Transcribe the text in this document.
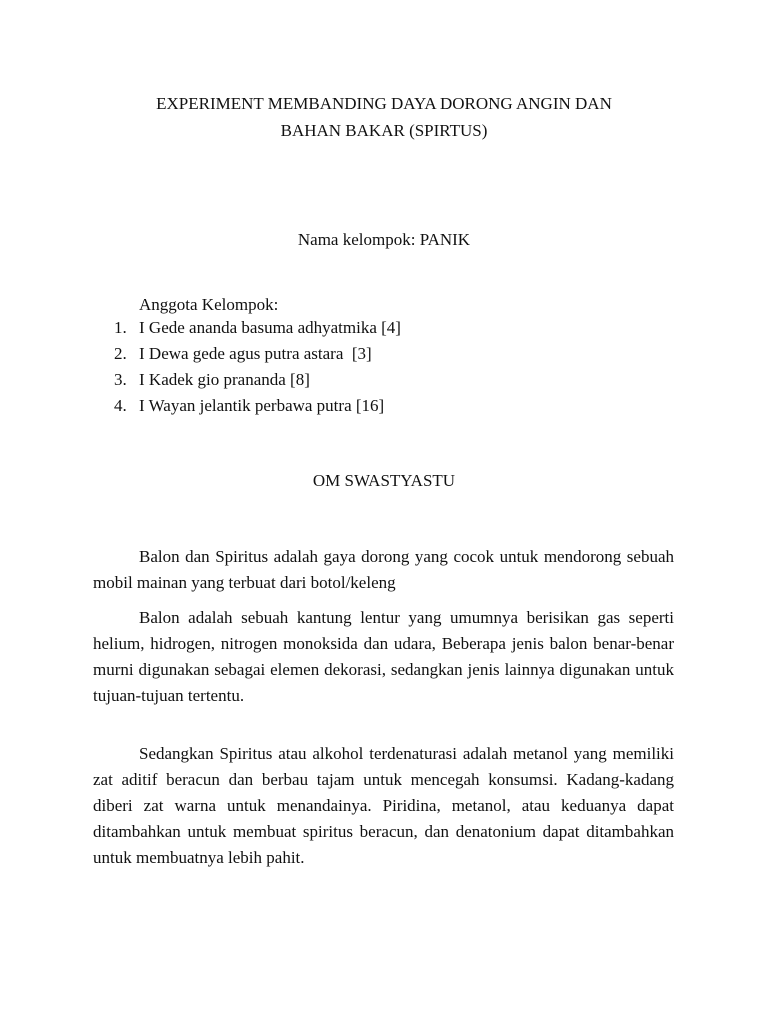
EXPERIMENT MEMBANDING DAYA DORONG ANGIN DAN
BAHAN BAKAR (SPIRTUS)
Nama kelompok: PANIK
Anggota Kelompok:
1. I Gede ananda basuma adhyatmika [4]
2. I Dewa gede agus putra astara  [3]
3. I Kadek gio prananda [8]
4. I Wayan jelantik perbawa putra [16]
OM SWASTYASTU

Balon dan Spiritus adalah gaya dorong yang cocok untuk mendorong sebuah mobil mainan yang terbuat dari botol/keleng

Balon adalah sebuah kantung lentur yang umumnya berisikan gas seperti helium, hidrogen, nitrogen monoksida dan udara, Beberapa jenis balon benar-benar murni digunakan sebagai elemen dekorasi, sedangkan jenis lainnya digunakan untuk tujuan-tujuan tertentu.

Sedangkan Spiritus atau alkohol terdenaturasi adalah metanol yang memiliki zat aditif beracun dan berbau tajam untuk mencegah konsumsi. Kadang-kadang diberi zat warna untuk menandainya. Piridina, metanol, atau keduanya dapat ditambahkan untuk membuat spiritus beracun, dan denatonium dapat ditambahkan untuk membuatnya lebih pahit.
